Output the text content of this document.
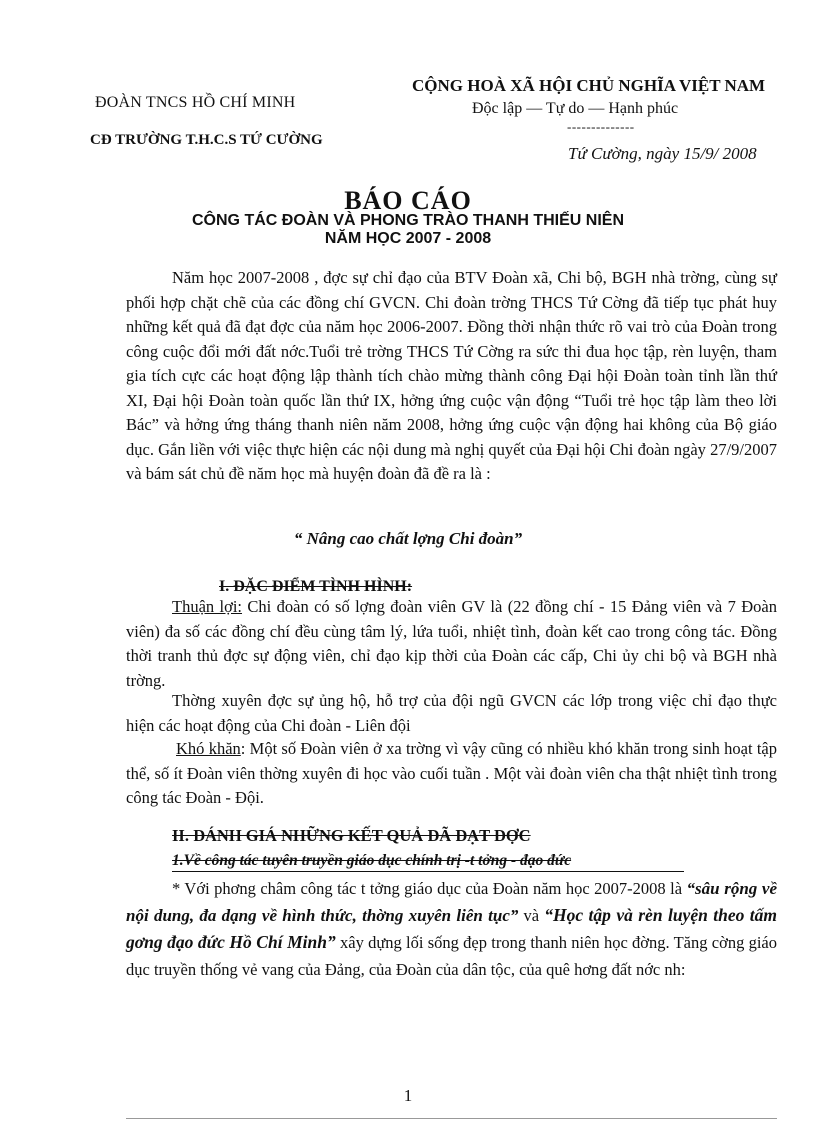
ĐOÀN TNCS HỒ CHÍ MINH
CĐ TRƯỜNG T.H.C.S TỨ CƯỜNG
CỘNG HOÀ XÃ HỘI CHỦ NGHĨA VIỆT NAM
Độc lập — Tự do — Hạnh phúc
--------------
Tứ Cường, ngày 15/9/ 2008
BÁO CÁO
CÔNG TÁC ĐOÀN VÀ PHONG TRÀO THANH THIẾU NIÊN
NĂM HỌC 2007 - 2008
Năm học 2007-2008 , đợc sự chỉ đạo của BTV Đoàn xã, Chi bộ, BGH nhà trờng, cùng sự phối hợp chặt chẽ của các đồng chí GVCN. Chi đoàn trờng THCS Tứ Cờng đã tiếp tục phát huy những kết quả đã đạt đợc của năm học 2006-2007. Đồng thời nhận thức rõ vai trò của Đoàn trong công cuộc đổi mới đất nớc.Tuổi trẻ trờng THCS Tứ Cờng ra sức thi đua học tập, rèn luyện, tham gia tích cực các hoạt động lập thành tích chào mừng thành công Đại hội Đoàn toàn tỉnh lần thứ XI, Đại hội Đoàn toàn quốc lần thứ IX, hởng ứng cuộc vận động “Tuổi trẻ học tập làm theo lời Bác” và hởng ứng tháng thanh niên năm 2008, hởng ứng cuộc vận động hai không của Bộ giáo dục. Gắn liền với việc thực hiện các nội dung mà nghị quyết của Đại hội Chi đoàn ngày 27/9/2007 và bám sát chủ đề năm học mà huyện đoàn đã đề ra là :
“ Nâng cao chất lợng Chi đoàn”
I. ĐẶC ĐIỂM TÌNH HÌNH:
Thuận lợi: Chi đoàn có số lợng đoàn viên GV là (22 đồng chí - 15 Đảng viên và 7 Đoàn viên) đa số các đồng chí đều cùng tâm lý, lứa tuổi, nhiệt tình, đoàn kết cao trong công tác. Đồng thời tranh thủ đợc sự động viên, chỉ đạo kịp thời của Đoàn các cấp, Chi ủy chi bộ và BGH nhà trờng.
Thờng xuyên đợc sự ủng hộ, hỗ trợ của đội ngũ GVCN các lớp trong việc chỉ đạo thực hiện các hoạt động của Chi đoàn - Liên đội
Khó khăn: Một số Đoàn viên ở xa trờng vì vậy cũng có nhiều khó khăn trong sinh hoạt tập thể, số ít Đoàn viên thờng xuyên đi học vào cuối tuần . Một vài đoàn viên cha thật nhiệt tình trong công tác Đoàn - Đội.
II. ĐÁNH GIÁ NHỮNG KẾT QUẢ ĐÃ ĐẠT ĐỢC
1.Về công tác tuyên truyền giáo dục chính trị -t tởng - đạo đức
* Với phơng châm công tác t tởng giáo dục của Đoàn năm học 2007-2008 là “sâu rộng về nội dung, đa dạng về hình thức, thờng xuyên liên tục” và “Học tập và rèn luyện theo tấm gơng đạo đức Hồ Chí Minh” xây dựng lối sống đẹp trong thanh niên học đờng. Tăng cờng giáo dục truyền thống vẻ vang của Đảng, của Đoàn của dân tộc, của quê hơng đất nớc nh:
1
